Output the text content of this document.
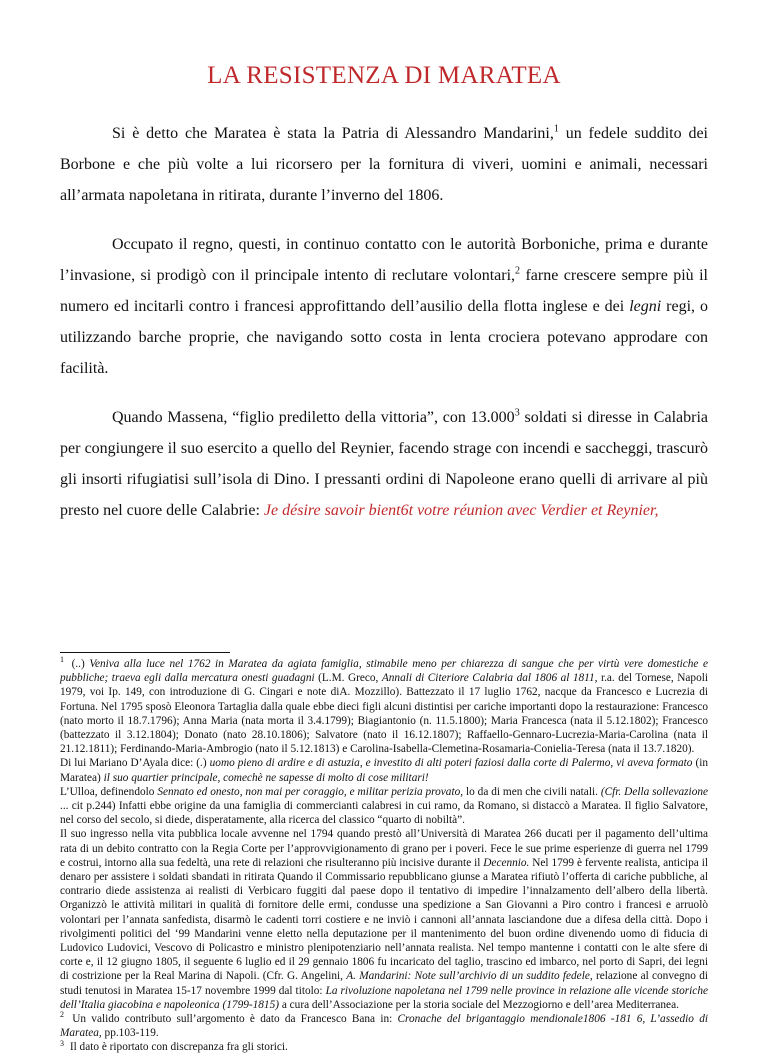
LA RESISTENZA DI MARATEA

Si è detto che Maratea è stata la Patria di Alessandro Mandarini,$^1$ un fedele suddito dei Borbone e che più volte a lui ricorsero per la fornitura di viveri, uomini e animali, necessari all’armata napoletana in ritirata, durante l’inverno del 1806.

Occupato il regno, questi, in continuo contatto con le autorità Borboniche, prima e durante l’invasione, si prodigò con il principale intento di reclutare volontari,$^2$ farne crescere sempre più il numero ed incitarli contro i francesi approfittando dell’ausilio della flotta inglese e dei legni regi, o utilizzando barche proprie, che navigando sotto costa in lenta crociera potevano approdare con facilità.

Quando Massena, “figlio prediletto della vittoria”, con 13.000$^3$ soldati si diresse in Calabria per congiungere il suo esercito a quello del Reynier, facendo strage con incendi e saccheggi, trascurò gli insorti rifugiatisi sull’isola di Dino. I pressanti ordini di Napoleone erano quelli di arrivare al più presto nel cuore delle Calabrie: Je désire savoir bient6t votre réunion avec Verdier et Reynier,

$^1$ (..) Veniva alla luce nel 1762 in Maratea da agiata famiglia, stimabile meno per chiarezza di sangue che per virtù vere domestiche e pubbliche; traeva egli dalla mercatura onesti guadagni (L.M. Greco, Annali di Citeriore Calabria dal 1806 al 1811, r.a. del Tornese, Napoli 1979, voi Ip. 149, con introduzione di G. Cingari e note diA. Mozzillo). Battezzato il 17 luglio 1762, nacque da Francesco e Lucrezia di Fortuna. Nel 1795 sposò Eleonora Tartaglia dalla quale ebbe dieci figli alcuni distintisi per cariche importanti dopo la restaurazione: Francesco (nato morto il 18.7.1796); Anna Maria (nata morta il 3.4.1799); Biagiantonio (n. 11.5.1800); Maria Francesca (nata il 5.12.1802); Francesco (battezzato il 3.12.1804); Donato (nato 28.10.1806); Salvatore (nato il 16.12.1807); Raffaello-Gennaro-Lucrezia-Maria-Carolina (nata il 21.12.1811); Ferdinando-Maria-Ambrogio (nato il 5.12.1813) e Carolina-Isabella-Clemetina-Rosamaria-Conielia-Teresa (nata il 13.7.1820).

Di lui Mariano D’Ayala dice: (.) uomo pieno di ardire e di astuzia, e investito di alti poteri faziosi dalla corte di Palermo, vi aveva formato (in Maratea) il suo quartier principale, comechè ne sapesse di molto di cose militari!

L’Ulloa, definendolo Sennato ed onesto, non mai per coraggio, e militar perizia provato, lo da di men che civili natali. (Cfr. Della sollevazione ... cit p.244) Infatti ebbe origine da una famiglia di commercianti calabresi in cui ramo, da Romano, si distaccò a Maratea. Il figlio Salvatore, nel corso del secolo, si diede, disperatamente, alla ricerca del classico “quarto di nobiltà”.

Il suo ingresso nella vita pubblica locale avvenne nel 1794 quando prestò all’Università di Maratea 266 ducati per il pagamento dell’ultima rata di un debito contratto con la Regia Corte per l’approvvigionamento di grano per i poveri. Fece le sue prime esperienze di guerra nel 1799 e costrui, intorno alla sua fedeltà, una rete di relazioni che risulteranno più incisive durante il Decennio. Nel 1799 è fervente realista, anticipa il denaro per assistere i soldati sbandati in ritirata Quando il Commissario repubblicano giunse a Maratea rifiutò l’offerta di cariche pubbliche, al contrario diede assistenza ai realisti di Verbicaro fuggiti dal paese dopo il tentativo di impedire l’innalzamento dell’albero della libertà. Organizzò le attività militari in qualità di fornitore delle ermi, condusse una spedizione a San Giovanni a Piro contro i francesi e arruolò volontari per l’annata sanfedista, disarmò le cadenti torri costiere e ne inviò i cannoni all’annata lasciandone due a difesa della città. Dopo i rivolgimenti politici del ‘99 Mandarini venne eletto nella deputazione per il mantenimento del buon ordine divenendo uomo di fiducia di Ludovico Ludovici, Vescovo di Policastro e ministro plenipotenziario nell’annata realista. Nel tempo mantenne i contatti con le alte sfere di corte e, il 12 giugno 1805, il seguente 6 luglio ed il 29 gennaio 1806 fu incaricato del taglio, trascino ed imbarco, nel porto di Sapri, dei legni di costrizione per la Real Marina di Napoli. (Cfr. G. Angelini, A. Mandarini: Note sull’archivio di un suddito fedele, relazione al convegno di studi tenutosi in Maratea 15-17 novembre 1999 dal titolo: La rivoluzione napoletana nel 1799 nelle province in relazione alle vicende storiche dell’Italia giacobina e napoleonica (1799-1815) a cura dell’Associazione per la storia sociale del Mezzogiorno e dell’area Mediterranea.

$^2$ Un valido contributo sull’argomento è dato da Francesco Bana in: Cronache del brigantaggio mendionale1806 -181 6, L’assedio di Maratea, pp.103-119.

$^3$ Il dato è riportato con discrepanza fra gli storici.
